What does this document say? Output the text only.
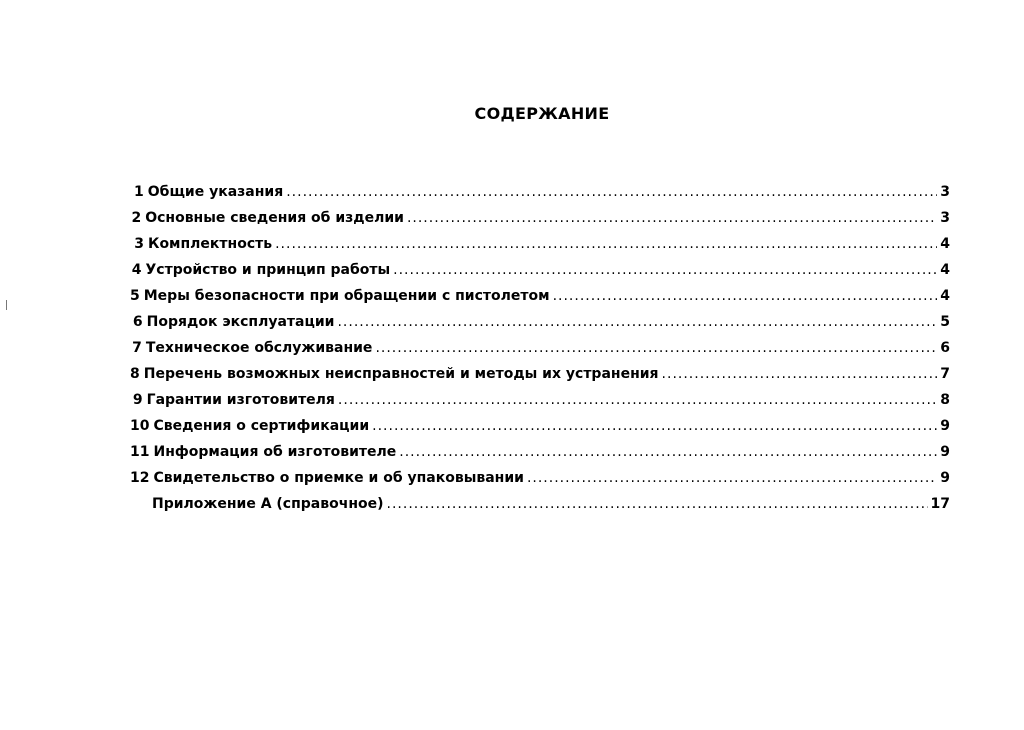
СОДЕРЖАНИЕ
1 Общие указания .....	3
2 Основные сведения об изделии .....	3
3 Комплектность .....	4
4 Устройство и принцип работы .....	4
5 Меры безопасности при обращении с пистолетом .....	4
6 Порядок эксплуатации .....	5
7 Техническое обслуживание .....	6
8 Перечень возможных неисправностей и методы их устранения .....	7
9 Гарантии изготовителя .....	8
10 Сведения о сертификации .....	9
11 Информация об изготовителе .....	9
12 Свидетельство о приемке и об упаковывании .....	9
Приложение А (справочное) .....	17
